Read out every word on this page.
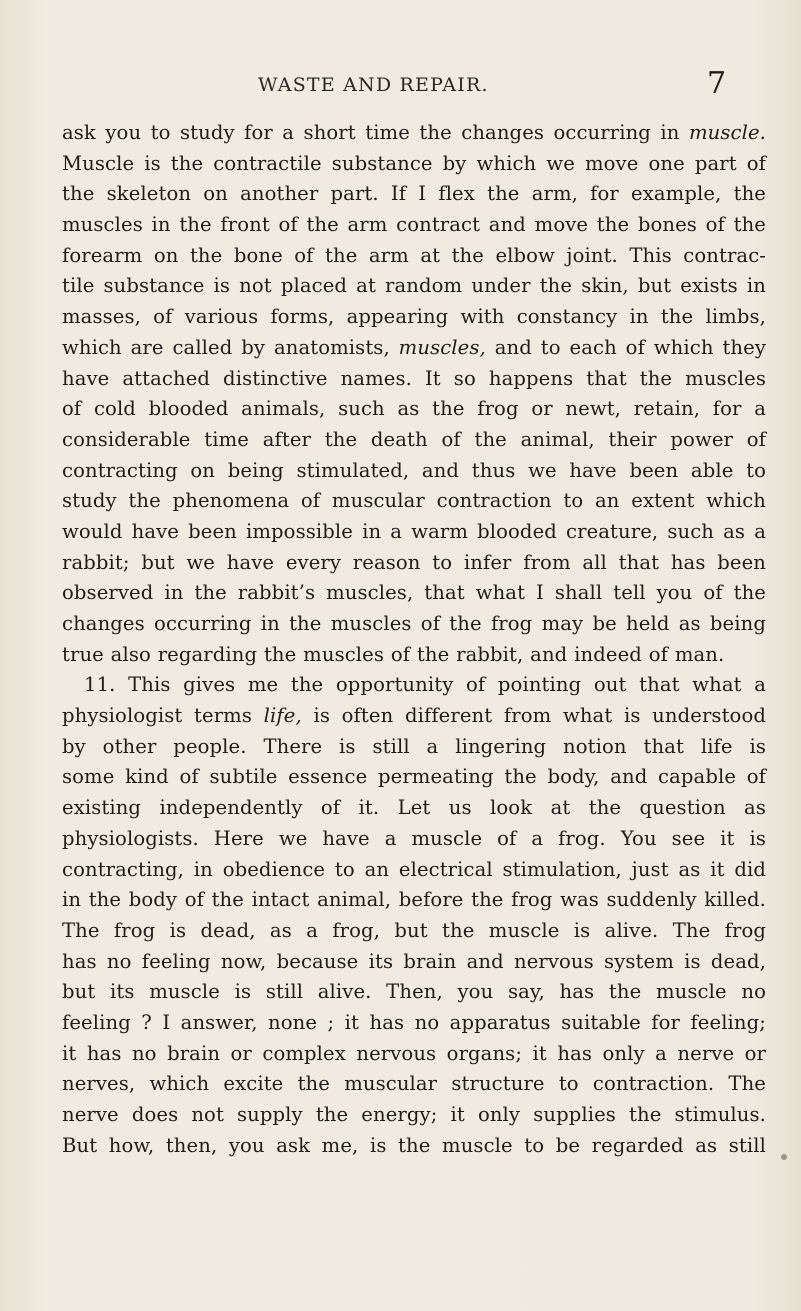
WASTE AND REPAIR.	7
ask you to study for a short time the changes occurring in muscle.
Muscle is the contractile substance by which we move one part of
the skeleton on another part. If I flex the arm, for example, the
muscles in the front of the arm contract and move the bones of the
forearm on the bone of the arm at the elbow joint. This contrac-
tile substance is not placed at random under the skin, but exists in
masses, of various forms, appearing with constancy in the limbs,
which are called by anatomists, muscles, and to each of which they
have attached distinctive names. It so happens that the muscles
of cold blooded animals, such as the frog or newt, retain, for a
considerable time after the death of the animal, their power of
contracting on being stimulated, and thus we have been able to
study the phenomena of muscular contraction to an extent which
would have been impossible in a warm blooded creature, such as a
rabbit; but we have every reason to infer from all that has been
observed in the rabbit’s muscles, that what I shall tell you of the
changes occurring in the muscles of the frog may be held as being
true also regarding the muscles of the rabbit, and indeed of man.
11. This gives me the opportunity of pointing out that what a
physiologist terms life, is often different from what is understood
by other people. There is still a lingering notion that life is
some kind of subtile essence permeating the body, and capable of
existing independently of it. Let us look at the question as
physiologists. Here we have a muscle of a frog. You see it is
contracting, in obedience to an electrical stimulation, just as it did
in the body of the intact animal, before the frog was suddenly killed.
The frog is dead, as a frog, but the muscle is alive. The frog
has no feeling now, because its brain and nervous system is dead,
but its muscle is still alive. Then, you say, has the muscle no
feeling ? I answer, none ; it has no apparatus suitable for feeling;
it has no brain or complex nervous organs; it has only a nerve or
nerves, which excite the muscular structure to contraction. The
nerve does not supply the energy; it only supplies the stimulus.
But how, then, you ask me, is the muscle to be regarded as still
